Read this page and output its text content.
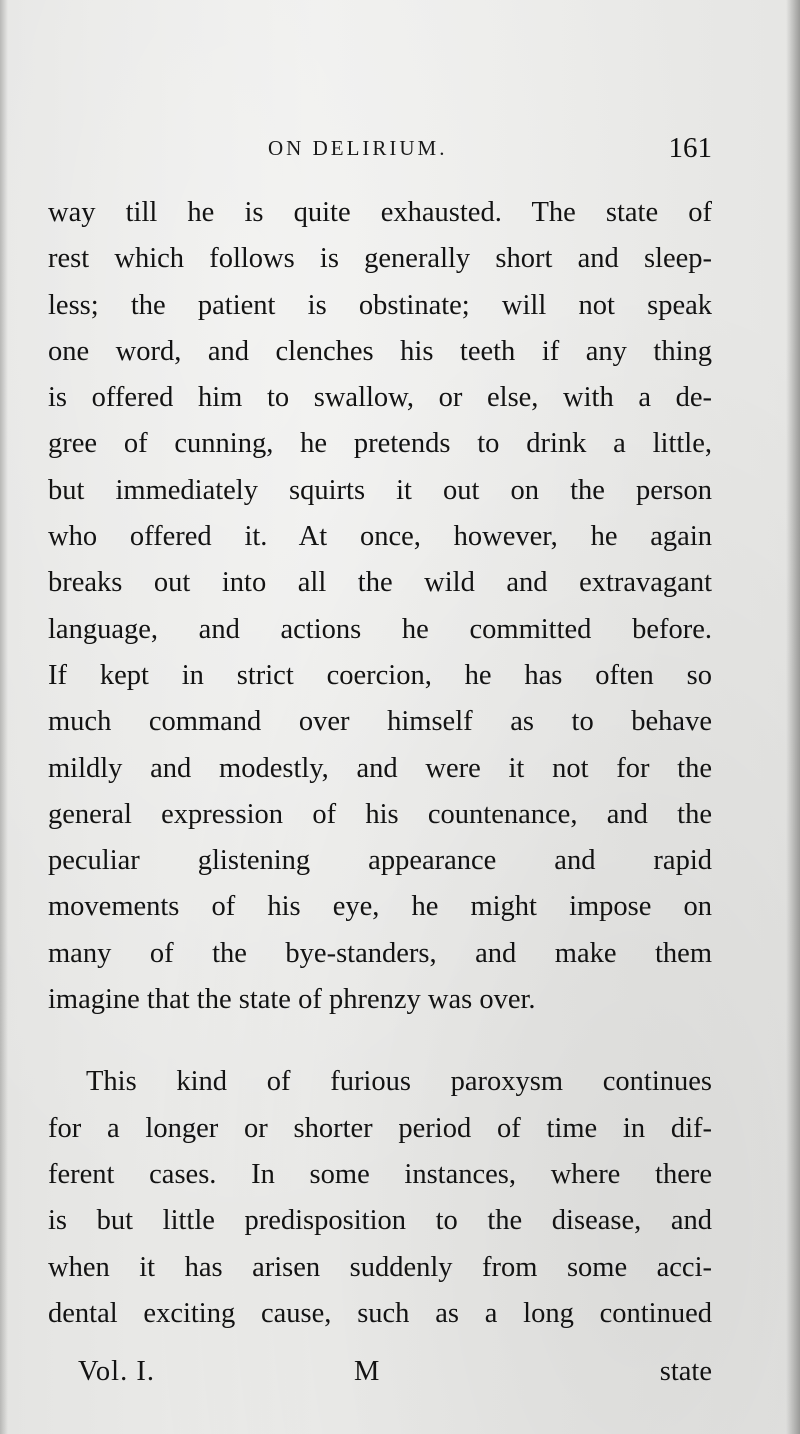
ON DELIRIUM.	161
way till he is quite exhausted. The state of
rest which follows is generally short and sleep-
less; the patient is obstinate; will not speak
one word, and clenches his teeth if any thing
is offered him to swallow, or else, with a de-
gree of cunning, he pretends to drink a little,
but immediately squirts it out on the person
who offered it. At once, however, he again
breaks out into all the wild and extravagant
language, and actions he committed before.
If kept in strict coercion, he has often so
much command over himself as to behave
mildly and modestly, and were it not for the
general expression of his countenance, and the
peculiar glistening appearance and rapid
movements of his eye, he might impose on
many of the bye-standers, and make them
imagine that the state of phrenzy was over.
This kind of furious paroxysm continues
for a longer or shorter period of time in dif-
ferent cases. In some instances, where there
is but little predisposition to the disease, and
when it has arisen suddenly from some acci-
dental exciting cause, such as a long continued
Vol. I.	M	state
